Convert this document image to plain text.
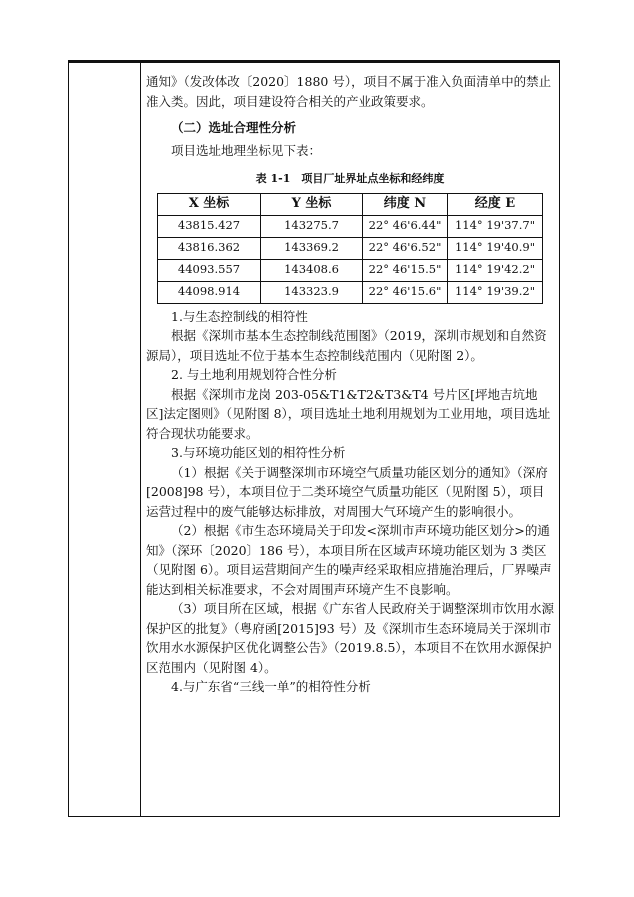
通知》（发改体改〔2020〕1880 号），项目不属于准入负面清单中的禁止准入类。因此，项目建设符合相关的产业政策要求。

（二）选址合理性分析

项目选址地理坐标见下表：

表 1-1　项目厂址界址点坐标和经纬度

X 坐标	Y 坐标	纬度 N	经度 E
43815.427	143275.7	22° 46'6.44"	114° 19'37.7"
43816.362	143369.2	22° 46'6.52"	114° 19'40.9"
44093.557	143408.6	22° 46'15.5"	114° 19'42.2"
44098.914	143323.9	22° 46'15.6"	114° 19'39.2"

1.与生态控制线的相符性

根据《深圳市基本生态控制线范围图》（2019，深圳市规划和自然资源局），项目选址不位于基本生态控制线范围内（见附图 2）。

2. 与土地利用规划符合性分析

根据《深圳市龙岗 203-05&T1&T2&T3&T4 号片区[坪地吉坑地区]法定图则》（见附图 8），项目选址土地利用规划为工业用地，项目选址符合现状功能要求。

3.与环境功能区划的相符性分析

（1）根据《关于调整深圳市环境空气质量功能区划分的通知》（深府[2008]98 号），本项目位于二类环境空气质量功能区（见附图 5），项目运营过程中的废气能够达标排放，对周围大气环境产生的影响很小。

（2）根据《市生态环境局关于印发<深圳市声环境功能区划分>的通知》（深环〔2020〕186 号），本项目所在区域声环境功能区划为 3 类区（见附图 6）。项目运营期间产生的噪声经采取相应措施治理后，厂界噪声能达到相关标准要求，不会对周围声环境产生不良影响。

（3）项目所在区域，根据《广东省人民政府关于调整深圳市饮用水源保护区的批复》（粤府函[2015]93 号）及《深圳市生态环境局关于深圳市饮用水水源保护区优化调整公告》（2019.8.5），本项目不在饮用水源保护区范围内（见附图 4）。

4.与广东省“三线一单”的相符性分析
